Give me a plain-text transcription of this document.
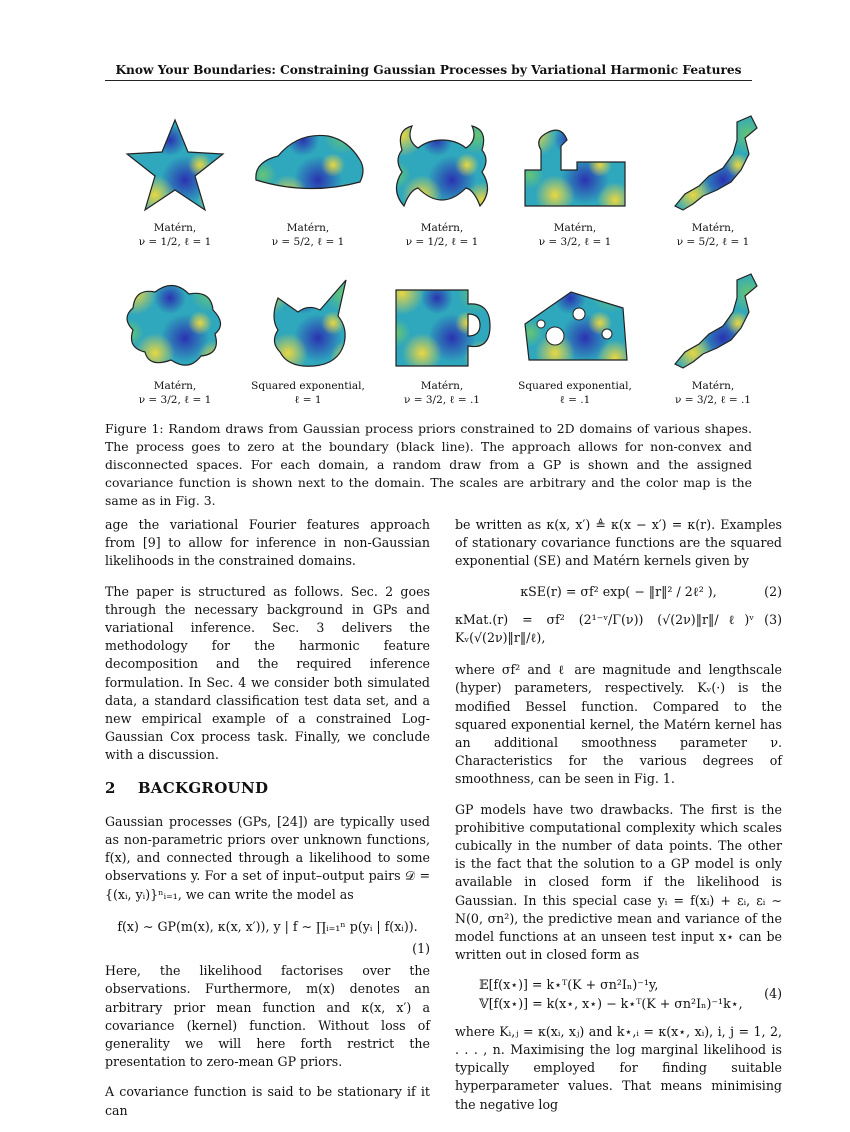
Know Your Boundaries: Constraining Gaussian Processes by Variational Harmonic Features
Matérn,
ν = 1/2, ℓ = 1
Matérn,
ν = 5/2, ℓ = 1
Matérn,
ν = 1/2, ℓ = 1
Matérn,
ν = 3/2, ℓ = 1
Matérn,
ν = 5/2, ℓ = 1
Matérn,
ν = 3/2, ℓ = 1
Squared exponential,
ℓ = 1
Matérn,
ν = 3/2, ℓ = .1
Squared exponential,
ℓ = .1
Matérn,
ν = 3/2, ℓ = .1
Figure 1: Random draws from Gaussian process priors constrained to 2D domains of various shapes. The process goes to zero at the boundary (black line). The approach allows for non-convex and disconnected spaces. For each domain, a random draw from a GP is shown and the assigned covariance function is shown next to the domain. The scales are arbitrary and the color map is the same as in Fig. 3.

age the variational Fourier features approach from [9] to allow for inference in non-Gaussian likelihoods in the constrained domains.

The paper is structured as follows. Sec. 2 goes through the necessary background in GPs and variational inference. Sec. 3 delivers the methodology for the harmonic feature decomposition and the required inference formulation. In Sec. 4 we consider both simulated data, a standard classification test data set, and a new empirical example of a constrained Log-Gaussian Cox process task. Finally, we conclude with a discussion.

2    BACKGROUND

Gaussian processes (GPs, [24]) are typically used as non-parametric priors over unknown functions, f(x), and connected through a likelihood to some observations y. For a set of input–output pairs 𝒟 = {(xᵢ, yᵢ)}ⁿᵢ₌₁, we can write the model as

f(x) ∼ GP(m(x), κ(x, x′)), y | f ∼ ∏ᵢ₌₁ⁿ p(yᵢ | f(xᵢ)).
(1)

Here, the likelihood factorises over the observations. Furthermore, m(x) denotes an arbitrary prior mean function and κ(x, x′) a covariance (kernel) function. Without loss of generality we will here forth restrict the presentation to zero-mean GP priors.

A covariance function is said to be stationary if it can

be written as κ(x, x′) ≜ κ(x − x′) = κ(r). Examples of stationary covariance functions are the squared exponential (SE) and Matérn kernels given by

κSE(r) = σf² exp( − ‖r‖² / 2ℓ² ),	(2)
κMat.(r) = σf² (2¹⁻ᵛ/Γ(ν)) (√(2ν)‖r‖/ℓ)ᵛ Kᵥ(√(2ν)‖r‖/ℓ),
(3)

where σf² and ℓ are magnitude and lengthscale (hyper) parameters, respectively. Kᵥ(·) is the modified Bessel function. Compared to the squared exponential kernel, the Matérn kernel has an additional smoothness parameter ν. Characteristics for the various degrees of smoothness, can be seen in Fig. 1.

GP models have two drawbacks. The first is the prohibitive computational complexity which scales cubically in the number of data points. The other is the fact that the solution to a GP model is only available in closed form if the likelihood is Gaussian. In this special case yᵢ = f(xᵢ) + εᵢ, εᵢ ∼ N(0, σn²), the predictive mean and variance of the model functions at an unseen test input x⋆ can be written out in closed form as

𝔼[f(x⋆)] = k⋆ᵀ(K + σn²Iₙ)⁻¹y,
𝕍[f(x⋆)] = k(x⋆, x⋆) − k⋆ᵀ(K + σn²Iₙ)⁻¹k⋆,
(4)

where Kᵢ,ⱼ = κ(xᵢ, xⱼ) and k⋆,ᵢ = κ(x⋆, xᵢ), i, j = 1, 2, . . . , n. Maximising the log marginal likelihood is typically employed for finding suitable hyperparameter values. That means minimising the negative log
